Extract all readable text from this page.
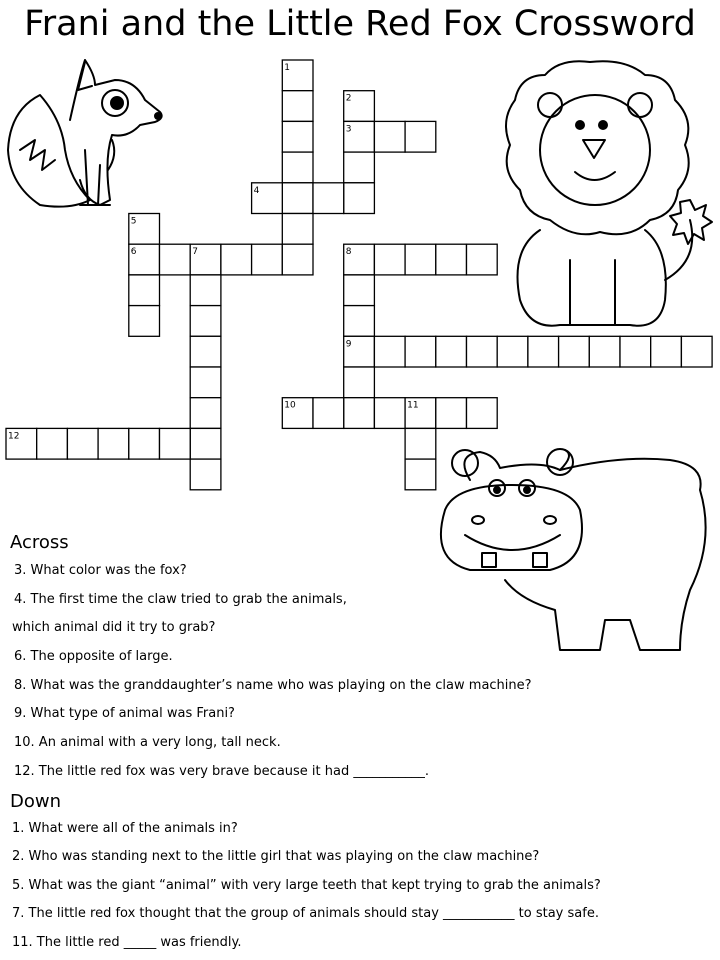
Frani and the Little Red Fox Crossword
1
2
3
4
5
6	7	8
9
10	11
12
Across
3. What color was the fox?
4. The first time the claw tried to grab the animals,
which animal did it try to grab?
6. The opposite of large.
8. What was the granddaughter’s name who was playing on the claw machine?
9. What type of animal was Frani?
10. An animal with a very long, tall neck.
12. The little red fox was very brave because it had ___________.
Down
1. What were all of the animals in?
2. Who was standing next to the little girl that was playing on the claw machine?
5. What was the giant “animal” with very large teeth that kept trying to grab the animals?
7. The little red fox thought that the group of animals should stay ___________ to stay safe.
11. The little red _____ was friendly.
